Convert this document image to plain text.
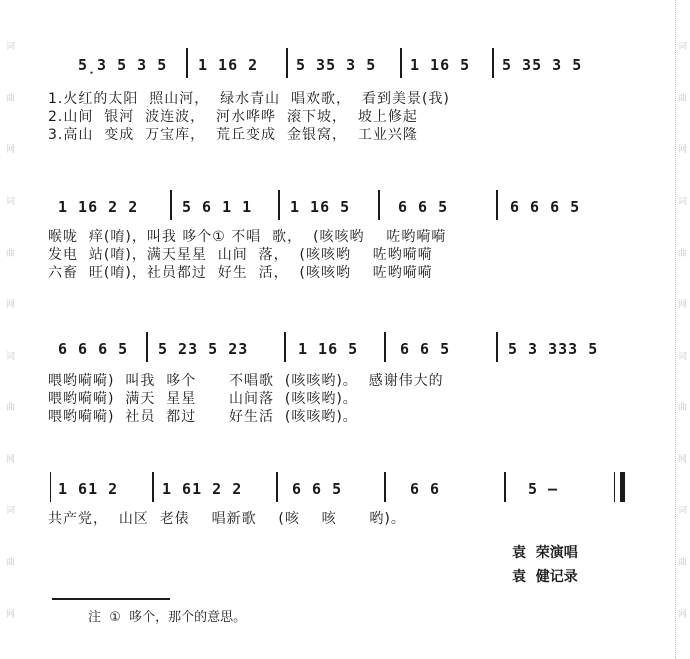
词
曲
网
词
曲
网
词
曲
网
词
曲
网
词
曲
网
词
曲
网
词
曲
网
词
曲
网
5̣3 5 3 5 1 16 2	5 35 3 5 1 16 5 5 35 3 5
1.火红的太阳  照山河，  绿水青山  唱欢歌，  看到美景(我)
2.山间  银河  波连波，  河水哗哗  滚下坡，  坡上修起
3.高山  变成  万宝库，  荒丘变成  金银窝，  工业兴隆
1 16 2 2	5 6 1 1	1 16 5	6 6 5	6 6 6 5
喉咙  痒(唷)，叫我 哆个① 不唱  歌，  (咳咳哟    咗哟嗬嗬
发电  站(唷)，满天星星  山间  落，  (咳咳哟    咗哟嗬嗬
六畜  旺(唷)，社员都过  好生  活，  (咳咳哟    咗哟嗬嗬
6 6 6 5 5 23 5 23	1 16 5	6 6 5	5 3 333 5
喂哟嗬嗬)  叫我  哆个      不唱歌  (咳咳哟)。  感谢伟大的
喂哟嗬嗬)  满天  星星      山间落  (咳咳哟)。
喂哟嗬嗬)  社员  都过      好生活  (咳咳哟)。
1 61 2	1 61 2 2	6 6 5	6 6	5 –
共产党，  山区  老俵    唱新歌    (咳    咳      哟)。
袁  荣演唱
袁  健记录
注  ①  哆个，那个的意思。
